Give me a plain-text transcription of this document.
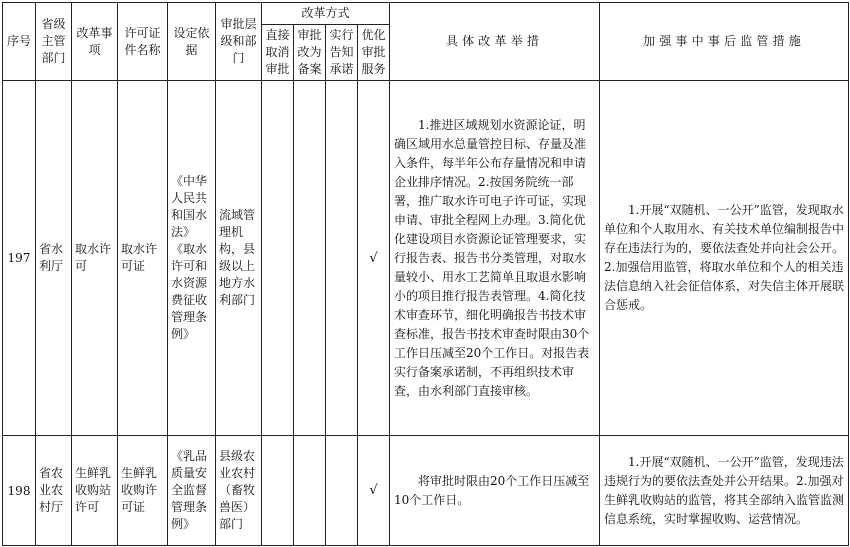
序号	省级主管部门	改革事项	许可证件名称	设定依据	审批层级和部门	改革方式				具体改革举措	加强事中事后监管措施
						直接取消审批	审批改为备案	实行告知承诺	优化审批服务		
197	省水利厅	取水许可	取水许可证	《中华人民共和国水法》《取水许可和水资源费征收管理条例》	流域管理机构，县级以上地方水利部门				√	1.推进区域规划水资源论证，明确区域用水总量管控目标、存量及准入条件，每半年公布存量情况和申请企业排序情况。2.按国务院统一部署，推广取水许可电子许可证，实现申请、审批全程网上办理。3.简化优化建设项目水资源论证管理要求，实行报告表、报告书分类管理，对取水量较小、用水工艺简单且取退水影响小的项目推行报告表管理。4.简化技术审查环节，细化明确报告书技术审查标准，报告书技术审查时限由30个工作日压减至20个工作日。对报告表实行备案承诺制，不再组织技术审查，由水利部门直接审核。	1.开展“双随机、一公开”监管，发现取水单位和个人取用水、有关技术单位编制报告中存在违法行为的，要依法查处并向社会公开。2.加强信用监管，将取水单位和个人的相关违法信息纳入社会征信体系，对失信主体开展联合惩戒。
198	省农业农村厅	生鲜乳收购站许可	生鲜乳收购许可证	《乳品质量安全监督管理条例》	县级农业农村（畜牧兽医）部门				√	将审批时限由20个工作日压减至10个工作日。	1.开展“双随机、一公开”监管，发现违法违规行为的要依法查处并公开结果。2.加强对生鲜乳收购站的监管，将其全部纳入监管监测信息系统，实时掌握收购、运营情况。
